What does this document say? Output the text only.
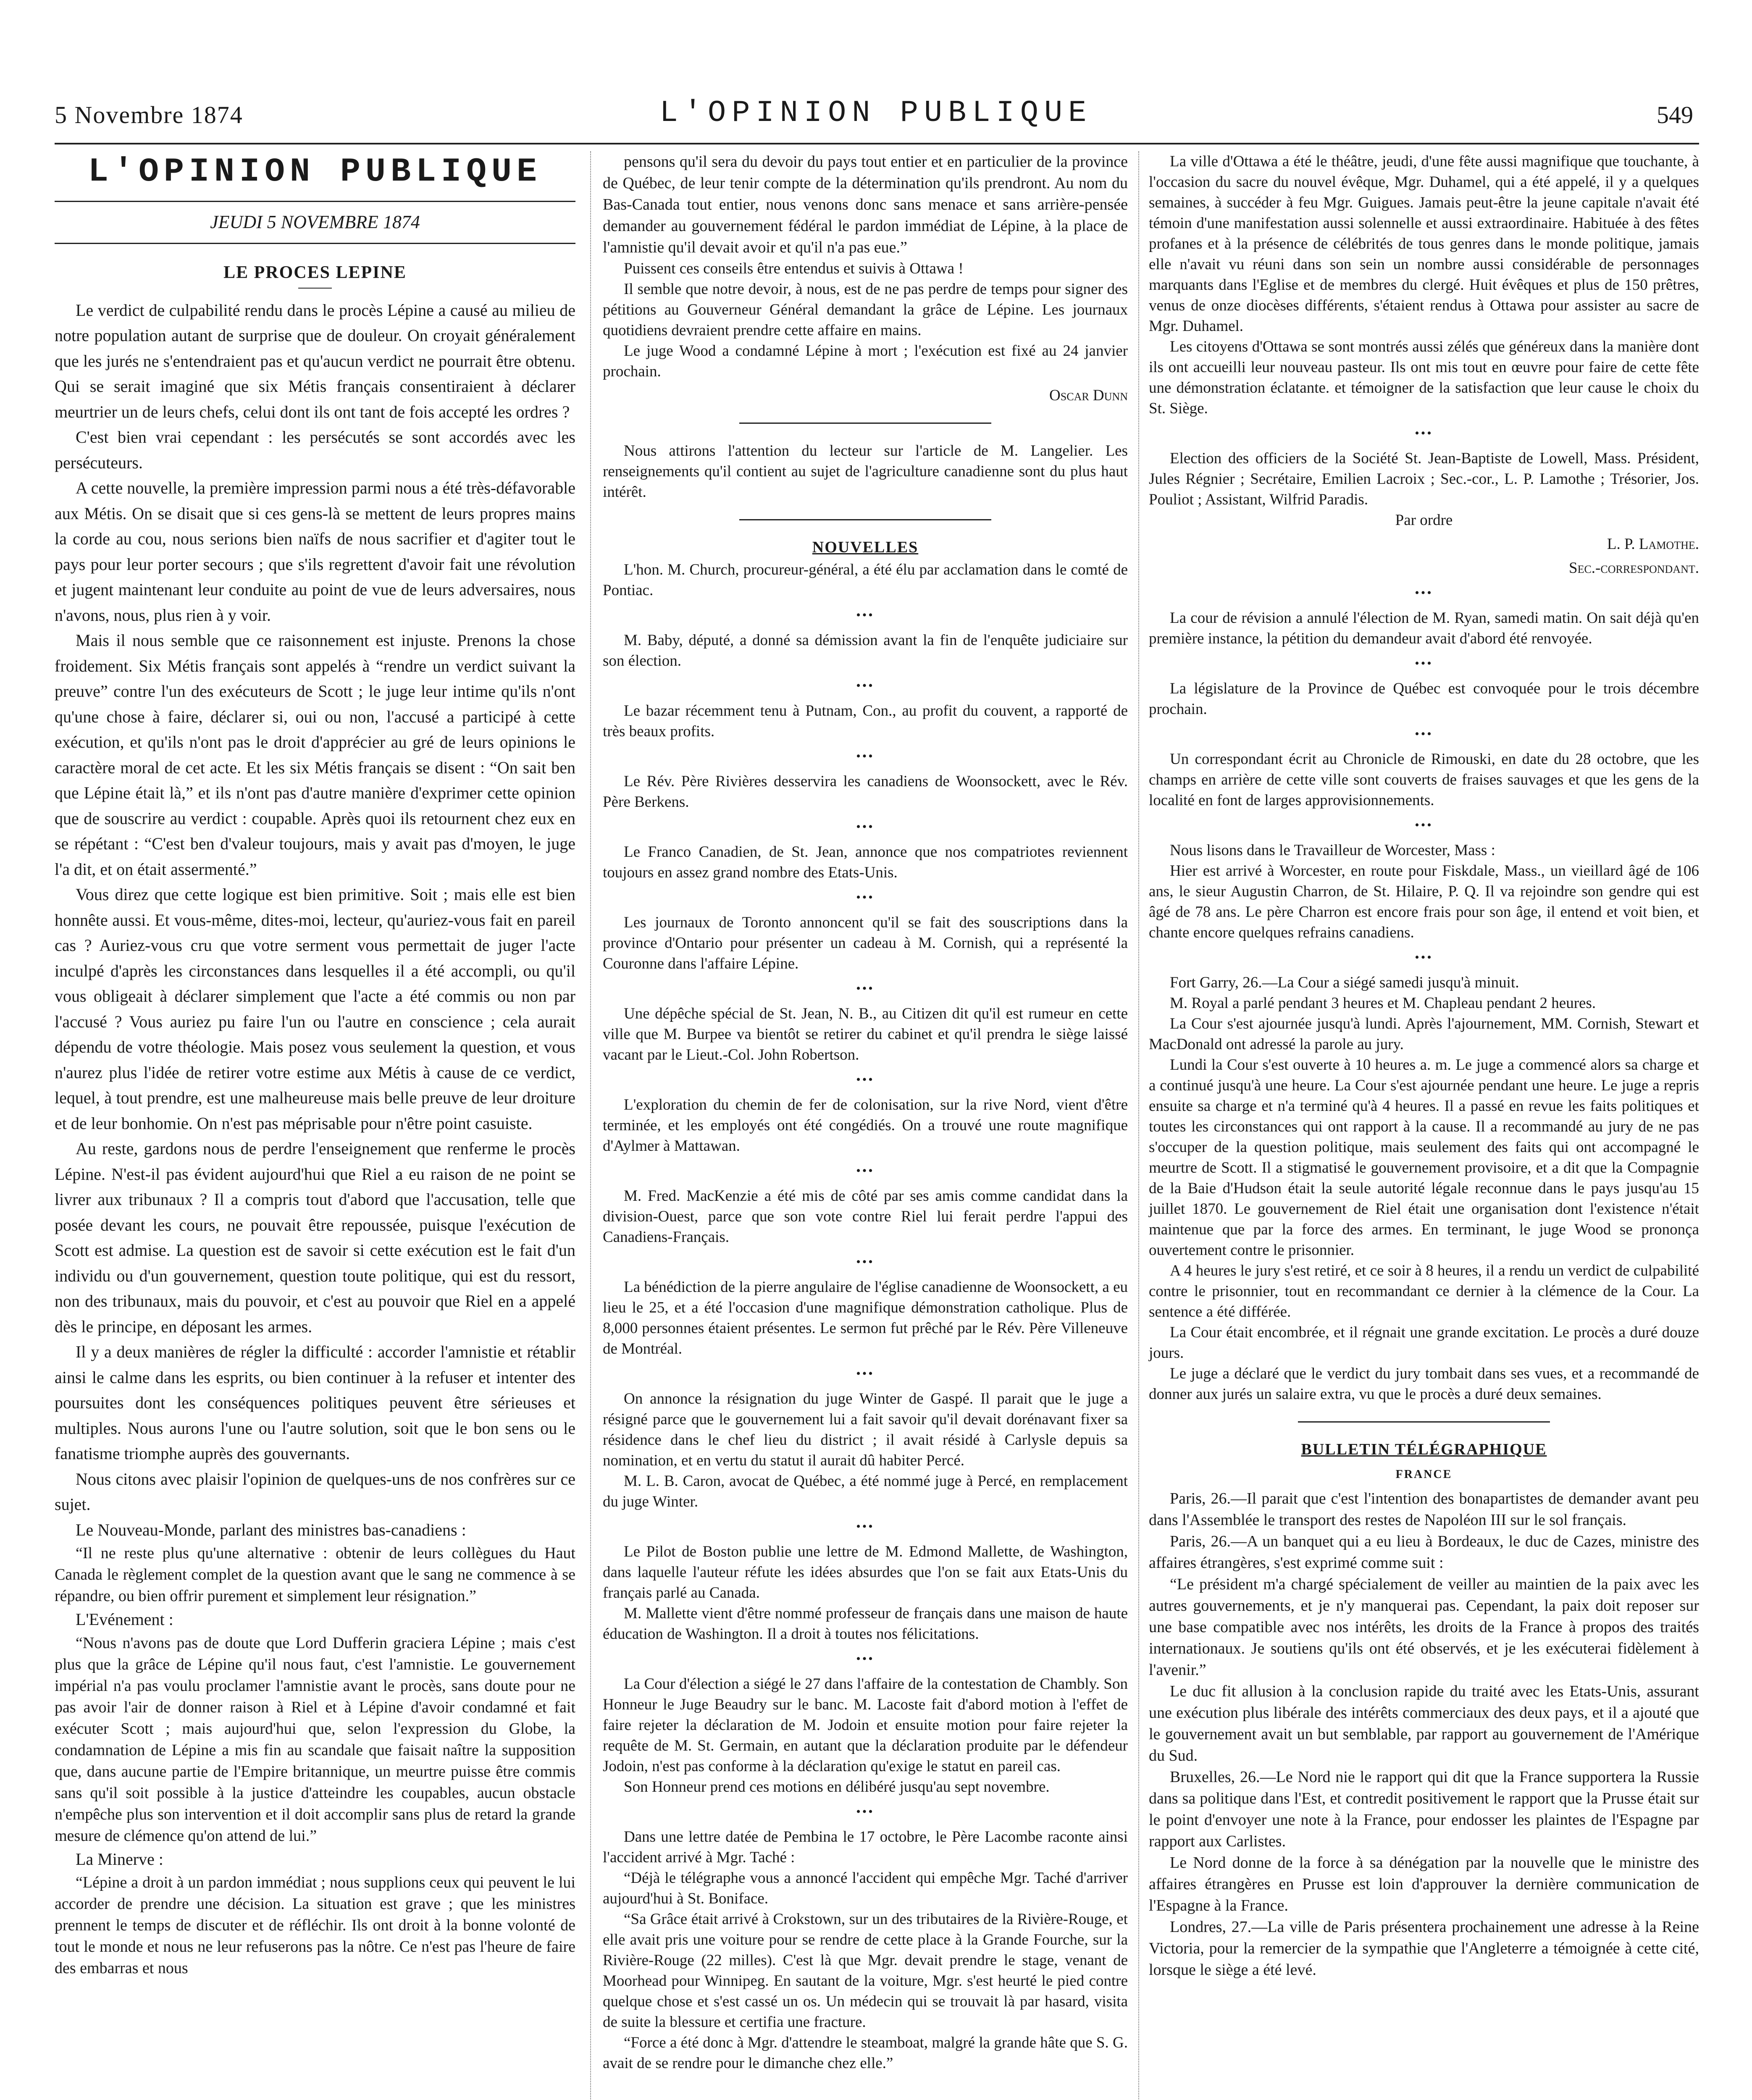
5 Novembre 1874	L'OPINION PUBLIQUE	549
L'OPINION PUBLIQUE
JEUDI 5 NOVEMBRE 1874
LE PROCES LEPINE

Le verdict de culpabilité rendu dans le procès Lépine a causé au milieu de notre population autant de surprise que de douleur. On croyait généralement que les jurés ne s'entendraient pas et qu'aucun verdict ne pourrait être obtenu. Qui se serait imaginé que six Métis français consentiraient à déclarer meurtrier un de leurs chefs, celui dont ils ont tant de fois accepté les ordres ?

C'est bien vrai cependant : les persécutés se sont accordés avec les persécuteurs.

A cette nouvelle, la première impression parmi nous a été très-défavorable aux Métis. On se disait que si ces gens-là se mettent de leurs propres mains la corde au cou, nous serions bien naïfs de nous sacrifier et d'agiter tout le pays pour leur porter secours ; que s'ils regrettent d'avoir fait une révolution et jugent maintenant leur conduite au point de vue de leurs adversaires, nous n'avons, nous, plus rien à y voir.

Mais il nous semble que ce raisonnement est injuste. Prenons la chose froidement. Six Métis français sont appelés à “rendre un verdict suivant la preuve” contre l'un des exécuteurs de Scott ; le juge leur intime qu'ils n'ont qu'une chose à faire, déclarer si, oui ou non, l'accusé a participé à cette exécution, et qu'ils n'ont pas le droit d'apprécier au gré de leurs opinions le caractère moral de cet acte. Et les six Métis français se disent : “On sait ben que Lépine était là,” et ils n'ont pas d'autre manière d'exprimer cette opinion que de souscrire au verdict : coupable. Après quoi ils retournent chez eux en se répétant : “C'est ben d'valeur toujours, mais y avait pas d'moyen, le juge l'a dit, et on était assermenté.”

Vous direz que cette logique est bien primitive. Soit ; mais elle est bien honnête aussi. Et vous-même, dites-moi, lecteur, qu'auriez-vous fait en pareil cas ? Auriez-vous cru que votre serment vous permettait de juger l'acte inculpé d'après les circonstances dans lesquelles il a été accompli, ou qu'il vous obligeait à déclarer simplement que l'acte a été commis ou non par l'accusé ? Vous auriez pu faire l'un ou l'autre en conscience ; cela aurait dépendu de votre théologie. Mais posez vous seulement la question, et vous n'aurez plus l'idée de retirer votre estime aux Métis à cause de ce verdict, lequel, à tout prendre, est une malheureuse mais belle preuve de leur droiture et de leur bonhomie. On n'est pas méprisable pour n'être point casuiste.

Au reste, gardons nous de perdre l'enseignement que renferme le procès Lépine. N'est-il pas évident aujourd'hui que Riel a eu raison de ne point se livrer aux tribunaux ? Il a compris tout d'abord que l'accusation, telle que posée devant les cours, ne pouvait être repoussée, puisque l'exécution de Scott est admise. La question est de savoir si cette exécution est le fait d'un individu ou d'un gouvernement, question toute politique, qui est du ressort, non des tribunaux, mais du pouvoir, et c'est au pouvoir que Riel en a appelé dès le principe, en déposant les armes.

Il y a deux manières de régler la difficulté : accorder l'amnistie et rétablir ainsi le calme dans les esprits, ou bien continuer à la refuser et intenter des poursuites dont les conséquences politiques peuvent être sérieuses et multiples. Nous aurons l'une ou l'autre solution, soit que le bon sens ou le fanatisme triomphe auprès des gouvernants.

Nous citons avec plaisir l'opinion de quelques-uns de nos confrères sur ce sujet.

Le Nouveau-Monde, parlant des ministres bas-canadiens :

“Il ne reste plus qu'une alternative : obtenir de leurs collègues du Haut Canada le règlement complet de la question avant que le sang ne commence à se répandre, ou bien offrir purement et simplement leur résignation.”

L'Evénement :

“Nous n'avons pas de doute que Lord Dufferin graciera Lépine ; mais c'est plus que la grâce de Lépine qu'il nous faut, c'est l'amnistie. Le gouvernement impérial n'a pas voulu proclamer l'amnistie avant le procès, sans doute pour ne pas avoir l'air de donner raison à Riel et à Lépine d'avoir condamné et fait exécuter Scott ; mais aujourd'hui que, selon l'expression du Globe, la condamnation de Lépine a mis fin au scandale que faisait naître la supposition que, dans aucune partie de l'Empire britannique, un meurtre puisse être commis sans qu'il soit possible à la justice d'atteindre les coupables, aucun obstacle n'empêche plus son intervention et il doit accomplir sans plus de retard la grande mesure de clémence qu'on attend de lui.”

La Minerve :

“Lépine a droit à un pardon immédiat ; nous supplions ceux qui peuvent le lui accorder de prendre une décision. La situation est grave ; que les ministres prennent le temps de discuter et de réfléchir. Ils ont droit à la bonne volonté de tout le monde et nous ne leur refuserons pas la nôtre. Ce n'est pas l'heure de faire des embarras et nous

pensons qu'il sera du devoir du pays tout entier et en particulier de la province de Québec, de leur tenir compte de la détermination qu'ils prendront. Au nom du Bas-Canada tout entier, nous venons donc sans menace et sans arrière-pensée demander au gouvernement fédéral le pardon immédiat de Lépine, à la place de l'amnistie qu'il devait avoir et qu'il n'a pas eue.”

Puissent ces conseils être entendus et suivis à Ottawa !

Il semble que notre devoir, à nous, est de ne pas perdre de temps pour signer des pétitions au Gouverneur Général demandant la grâce de Lépine. Les journaux quotidiens devraient prendre cette affaire en mains.

Le juge Wood a condamné Lépine à mort ; l'exécution est fixé au 24 janvier prochain.

Oscar Dunn

Nous attirons l'attention du lecteur sur l'article de M. Langelier. Les renseignements qu'il contient au sujet de l'agriculture canadienne sont du plus haut intérêt.

NOUVELLES

L'hon. M. Church, procureur-général, a été élu par acclamation dans le comté de Pontiac.

•••

M. Baby, député, a donné sa démission avant la fin de l'enquête judiciaire sur son élection.

•••

Le bazar récemment tenu à Putnam, Con., au profit du couvent, a rapporté de très beaux profits.

•••

Le Rév. Père Rivières desservira les canadiens de Woonsockett, avec le Rév. Père Berkens.

•••

Le Franco Canadien, de St. Jean, annonce que nos compatriotes reviennent toujours en assez grand nombre des Etats-Unis.

•••

Les journaux de Toronto annoncent qu'il se fait des souscriptions dans la province d'Ontario pour présenter un cadeau à M. Cornish, qui a représenté la Couronne dans l'affaire Lépine.

•••

Une dépêche spécial de St. Jean, N. B., au Citizen dit qu'il est rumeur en cette ville que M. Burpee va bientôt se retirer du cabinet et qu'il prendra le siège laissé vacant par le Lieut.-Col. John Robertson.

•••

L'exploration du chemin de fer de colonisation, sur la rive Nord, vient d'être terminée, et les employés ont été congédiés. On a trouvé une route magnifique d'Aylmer à Mattawan.

•••

M. Fred. MacKenzie a été mis de côté par ses amis comme candidat dans la division-Ouest, parce que son vote contre Riel lui ferait perdre l'appui des Canadiens-Français.

•••

La bénédiction de la pierre angulaire de l'église canadienne de Woonsockett, a eu lieu le 25, et a été l'occasion d'une magnifique démonstration catholique. Plus de 8,000 personnes étaient présentes. Le sermon fut prêché par le Rév. Père Villeneuve de Montréal.

•••

On annonce la résignation du juge Winter de Gaspé. Il parait que le juge a résigné parce que le gouvernement lui a fait savoir qu'il devait dorénavant fixer sa résidence dans le chef lieu du district ; il avait résidé à Carlysle depuis sa nomination, et en vertu du statut il aurait dû habiter Percé.

M. L. B. Caron, avocat de Québec, a été nommé juge à Percé, en remplacement du juge Winter.

•••

Le Pilot de Boston publie une lettre de M. Edmond Mallette, de Washington, dans laquelle l'auteur réfute les idées absurdes que l'on se fait aux Etats-Unis du français parlé au Canada.

M. Mallette vient d'être nommé professeur de français dans une maison de haute éducation de Washington. Il a droit à toutes nos félicitations.

•••

La Cour d'élection a siégé le 27 dans l'affaire de la contestation de Chambly. Son Honneur le Juge Beaudry sur le banc. M. Lacoste fait d'abord motion à l'effet de faire rejeter la déclaration de M. Jodoin et ensuite motion pour faire rejeter la requête de M. St. Germain, en autant que la déclaration produite par le défendeur Jodoin, n'est pas conforme à la déclaration qu'exige le statut en pareil cas.

Son Honneur prend ces motions en délibéré jusqu'au sept novembre.

•••

Dans une lettre datée de Pembina le 17 octobre, le Père Lacombe raconte ainsi l'accident arrivé à Mgr. Taché :

“Déjà le télégraphe vous a annoncé l'accident qui empêche Mgr. Taché d'arriver aujourd'hui à St. Boniface.

“Sa Grâce était arrivé à Crokstown, sur un des tributaires de la Rivière-Rouge, et elle avait pris une voiture pour se rendre de cette place à la Grande Fourche, sur la Rivière-Rouge (22 milles). C'est là que Mgr. devait prendre le stage, venant de Moorhead pour Winnipeg. En sautant de la voiture, Mgr. s'est heurté le pied contre quelque chose et s'est cassé un os. Un médecin qui se trouvait là par hasard, visita de suite la blessure et certifia une fracture.

“Force a été donc à Mgr. d'attendre le steamboat, malgré la grande hâte que S. G. avait de se rendre pour le dimanche chez elle.”

La ville d'Ottawa a été le théâtre, jeudi, d'une fête aussi magnifique que touchante, à l'occasion du sacre du nouvel évêque, Mgr. Duhamel, qui a été appelé, il y a quelques semaines, à succéder à feu Mgr. Guigues. Jamais peut-être la jeune capitale n'avait été témoin d'une manifestation aussi solennelle et aussi extraordinaire. Habituée à des fêtes profanes et à la présence de célébrités de tous genres dans le monde politique, jamais elle n'avait vu réuni dans son sein un nombre aussi considérable de personnages marquants dans l'Eglise et de membres du clergé. Huit évêques et plus de 150 prêtres, venus de onze diocèses différents, s'étaient rendus à Ottawa pour assister au sacre de Mgr. Duhamel.

Les citoyens d'Ottawa se sont montrés aussi zélés que généreux dans la manière dont ils ont accueilli leur nouveau pasteur. Ils ont mis tout en œuvre pour faire de cette fête une démonstration éclatante. et témoigner de la satisfaction que leur cause le choix du St. Siège.

•••

Election des officiers de la Société St. Jean-Baptiste de Lowell, Mass. Président, Jules Régnier ; Secrétaire, Emilien Lacroix ; Sec.-cor., L. P. Lamothe ; Trésorier, Jos. Pouliot ; Assistant, Wilfrid Paradis.

Par ordre

L. P. Lamothe.

Sec.-correspondant.

•••

La cour de révision a annulé l'élection de M. Ryan, samedi matin. On sait déjà qu'en première instance, la pétition du demandeur avait d'abord été renvoyée.

•••

La législature de la Province de Québec est convoquée pour le trois décembre prochain.

•••

Un correspondant écrit au Chronicle de Rimouski, en date du 28 octobre, que les champs en arrière de cette ville sont couverts de fraises sauvages et que les gens de la localité en font de larges approvisionnements.

•••

Nous lisons dans le Travailleur de Worcester, Mass :

Hier est arrivé à Worcester, en route pour Fiskdale, Mass., un vieillard âgé de 106 ans, le sieur Augustin Charron, de St. Hilaire, P. Q. Il va rejoindre son gendre qui est âgé de 78 ans. Le père Charron est encore frais pour son âge, il entend et voit bien, et chante encore quelques refrains canadiens.

•••

Fort Garry, 26.—La Cour a siégé samedi jusqu'à minuit.

M. Royal a parlé pendant 3 heures et M. Chapleau pendant 2 heures.

La Cour s'est ajournée jusqu'à lundi. Après l'ajournement, MM. Cornish, Stewart et MacDonald ont adressé la parole au jury.

Lundi la Cour s'est ouverte à 10 heures a. m. Le juge a commencé alors sa charge et a continué jusqu'à une heure. La Cour s'est ajournée pendant une heure. Le juge a repris ensuite sa charge et n'a terminé qu'à 4 heures. Il a passé en revue les faits politiques et toutes les circonstances qui ont rapport à la cause. Il a recommandé au jury de ne pas s'occuper de la question politique, mais seulement des faits qui ont accompagné le meurtre de Scott. Il a stigmatisé le gouvernement provisoire, et a dit que la Compagnie de la Baie d'Hudson était la seule autorité légale reconnue dans le pays jusqu'au 15 juillet 1870. Le gouvernement de Riel était une organisation dont l'existence n'était maintenue que par la force des armes. En terminant, le juge Wood se prononça ouvertement contre le prisonnier.

A 4 heures le jury s'est retiré, et ce soir à 8 heures, il a rendu un verdict de culpabilité contre le prisonnier, tout en recommandant ce dernier à la clémence de la Cour. La sentence a été différée.

La Cour était encombrée, et il régnait une grande excitation. Le procès a duré douze jours.

Le juge a déclaré que le verdict du jury tombait dans ses vues, et a recommandé de donner aux jurés un salaire extra, vu que le procès a duré deux semaines.

BULLETIN TÉLÉGRAPHIQUE
FRANCE

Paris, 26.—Il parait que c'est l'intention des bonapartistes de demander avant peu dans l'Assemblée le transport des restes de Napoléon III sur le sol français.

Paris, 26.—A un banquet qui a eu lieu à Bordeaux, le duc de Cazes, ministre des affaires étrangères, s'est exprimé comme suit :

“Le président m'a chargé spécialement de veiller au maintien de la paix avec les autres gouvernements, et je n'y manquerai pas. Cependant, la paix doit reposer sur une base compatible avec nos intérêts, les droits de la France à propos des traités internationaux. Je soutiens qu'ils ont été observés, et je les exécuterai fidèlement à l'avenir.”

Le duc fit allusion à la conclusion rapide du traité avec les Etats-Unis, assurant une exécution plus libérale des intérêts commerciaux des deux pays, et il a ajouté que le gouvernement avait un but semblable, par rapport au gouvernement de l'Amérique du Sud.

Bruxelles, 26.—Le Nord nie le rapport qui dit que la France supportera la Russie dans sa politique dans l'Est, et contredit positivement le rapport que la Prusse était sur le point d'envoyer une note à la France, pour endosser les plaintes de l'Espagne par rapport aux Carlistes.

Le Nord donne de la force à sa dénégation par la nouvelle que le ministre des affaires étrangères en Prusse est loin d'approuver la dernière communication de l'Espagne à la France.

Londres, 27.—La ville de Paris présentera prochainement une adresse à la Reine Victoria, pour la remercier de la sympathie que l'Angleterre a témoignée à cette cité, lorsque le siège a été levé.
